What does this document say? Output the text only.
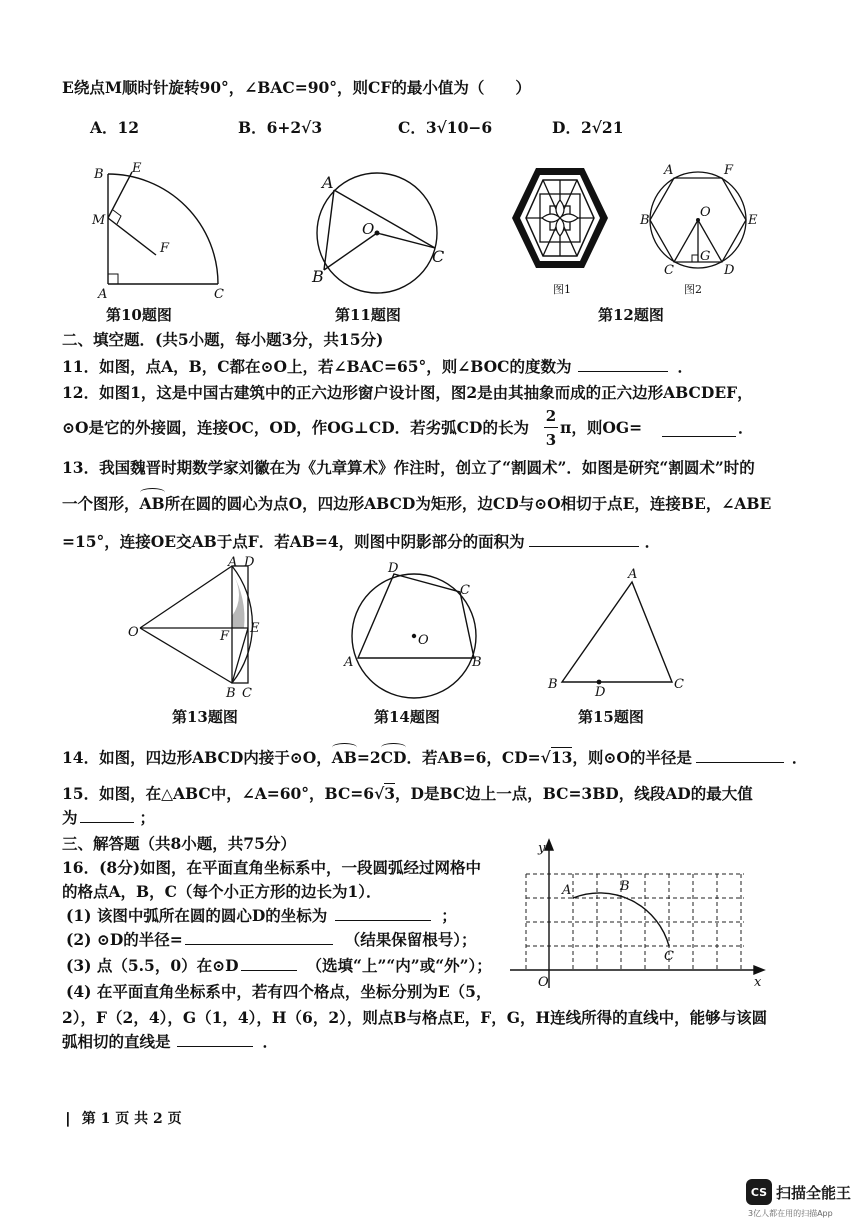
E绕点M顺时针旋转90°，∠BAC=90°，则CF的最小值为（　　）
A．12	B．6+2√3	C．3√10−6	D．2√21
B E
M
F
A	C
第10题图
A
O
B
C
第11题图
图1
A	F
B
O
E
C
G
D
图2
第12题图
二、填空题．(共5小题，每小题3分，共15分)
11．如图，点A，B，C都在⊙O上，若∠BAC=65°，则∠BOC的度数为	．
12．如图1，这是中国古建筑中的正六边形窗户设计图，图2是由其抽象而成的正六边形ABCDEF，
⊙O是它的外接圆，连接OC，OD，作OG⊥CD．若劣弧CD的长为
2
3
π，则OG=	．
13．我国魏晋时期数学家刘徽在为《九章算术》作注时，创立了“割圆术”．如图是研究“割圆术”时的
一个图形，
AB所在圆的圆心为点O，四边形ABCD为矩形，边CD与⊙O相切于点E，连接BE，∠ABE
=15°，连接OE交AB于点F．若AB=4，则图中阴影部分的面积为	．
A D
O	F
E
B C
第13题图
D
C
O
A	B
第14题图
A
B
D
C
第15题图
14．如图，四边形ABCD内接于⊙O，
AB=2
CD．若AB=6，CD=√13，则⊙O的半径是	．
15．如图，在△ABC中，∠A=60°，BC=6√3，D是BC边上一点，BC=3BD，线段AD的最大值
为	；
三、解答题（共8小题，共75分）
16．(8分)如图，在平面直角坐标系中，一段圆弧经过网格中
的格点A，B，C（每个小正方形的边长为1）．
(1) 该图中弧所在圆的圆心D的坐标为	；
(2) ⊙D的半径=	（结果保留根号）；
(3) 点（5.5，0）在⊙D	（选填“上”“内”或“外”）；
(4) 在平面直角坐标系中，若有四个格点，坐标分别为E（5，
2），F（2，4），G（1，4），H（6，2），则点B与格点E，F，G，H连线所得的直线中，能够与该圆
弧相切的直线是	．
y
A	B
C
O	x
❘ 第 1 页 共 2 页
CS 扫描全能王
3亿人都在用的扫描App
